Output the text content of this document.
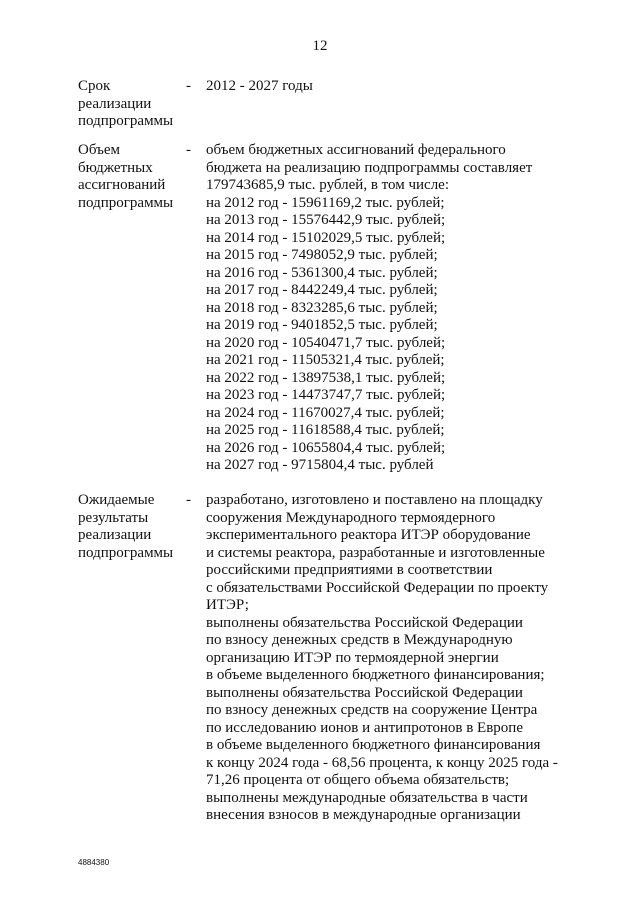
12
Срок
реализации
подпрограммы
-	2012 - 2027 годы
Объем
бюджетных
ассигнований
подпрограммы
-	объем бюджетных ассигнований федерального
бюджета на реализацию подпрограммы составляет
179743685,9 тыс. рублей, в том числе:
на 2012 год - 15961169,2 тыс. рублей;
на 2013 год - 15576442,9 тыс. рублей;
на 2014 год - 15102029,5 тыс. рублей;
на 2015 год - 7498052,9 тыс. рублей;
на 2016 год - 5361300,4 тыс. рублей;
на 2017 год - 8442249,4 тыс. рублей;
на 2018 год - 8323285,6 тыс. рублей;
на 2019 год - 9401852,5 тыс. рублей;
на 2020 год - 10540471,7 тыс. рублей;
на 2021 год - 11505321,4 тыс. рублей;
на 2022 год - 13897538,1 тыс. рублей;
на 2023 год - 14473747,7 тыс. рублей;
на 2024 год - 11670027,4 тыс. рублей;
на 2025 год - 11618588,4 тыс. рублей;
на 2026 год - 10655804,4 тыс. рублей;
на 2027 год - 9715804,4 тыс. рублей
Ожидаемые
результаты
реализации
подпрограммы
-	разработано, изготовлено и поставлено на площадку
сооружения Международного термоядерного
экспериментального реактора ИТЭР оборудование
и системы реактора, разработанные и изготовленные
российскими предприятиями в соответствии
с обязательствами Российской Федерации по проекту
ИТЭР;
выполнены обязательства Российской Федерации
по взносу денежных средств в Международную
организацию ИТЭР по термоядерной энергии
в объеме выделенного бюджетного финансирования;
выполнены обязательства Российской Федерации
по взносу денежных средств на сооружение Центра
по исследованию ионов и антипротонов в Европе
в объеме выделенного бюджетного финансирования
к концу 2024 года - 68,56 процента, к концу 2025 года -
71,26 процента от общего объема обязательств;
выполнены международные обязательства в части
внесения взносов в международные организации
4884380
